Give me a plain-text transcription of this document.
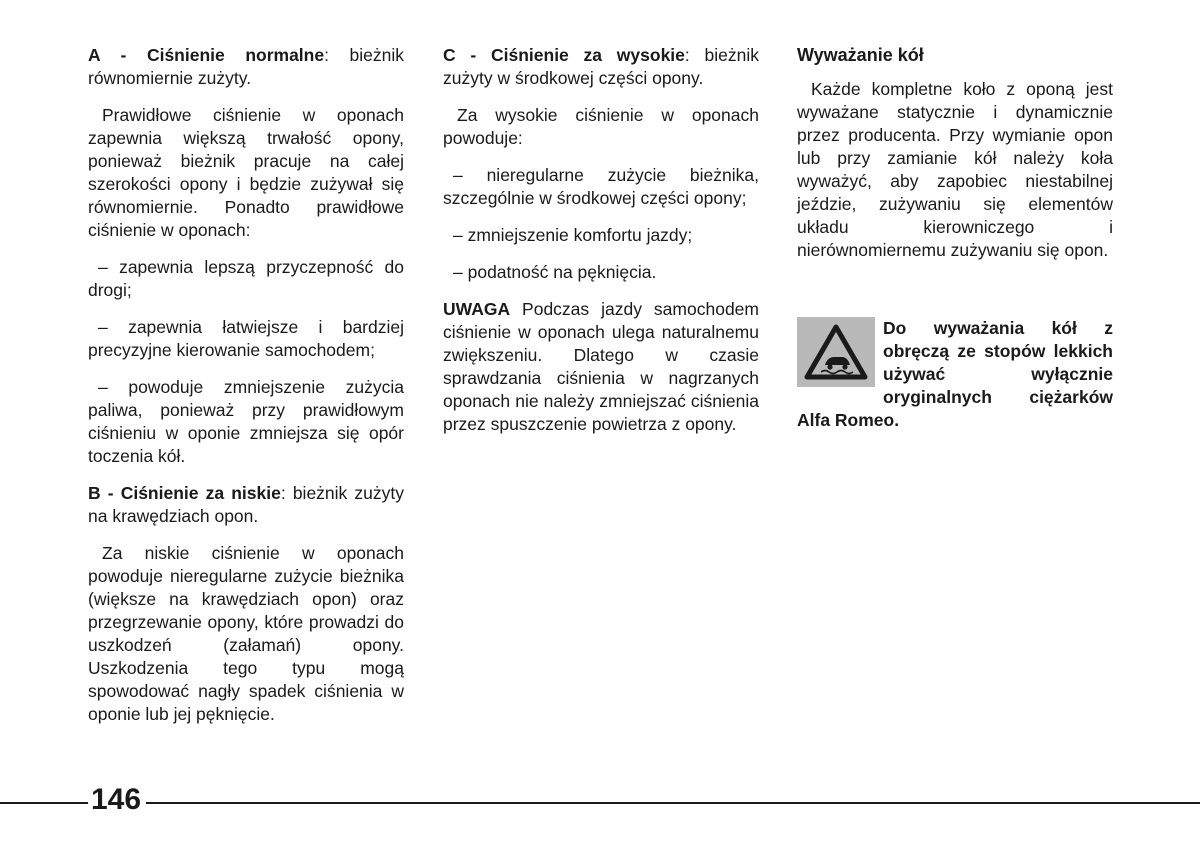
A - Ciśnienie normalne: bieżnik równomiernie zużyty.

Prawidłowe ciśnienie w oponach zapewnia większą trwałość opony, ponieważ bieżnik pracuje na całej szerokości opony i będzie zużywał się równomiernie. Ponadto prawidłowe ciśnienie w oponach:

– zapewnia lepszą przyczepność do drogi;

– zapewnia łatwiejsze i bardziej precyzyjne kierowanie samochodem;

– powoduje zmniejszenie zużycia paliwa, ponieważ przy prawidłowym ciśnieniu w oponie zmniejsza się opór toczenia kół.

B - Ciśnienie za niskie: bieżnik zużyty na krawędziach opon.

Za niskie ciśnienie w oponach powoduje nieregularne zużycie bieżnika (większe na krawędziach opon) oraz przegrzewanie opony, które prowadzi do uszkodzeń (załamań) opony. Uszkodzenia tego typu mogą spowodować nagły spadek ciśnienia w oponie lub jej pęknięcie.

C - Ciśnienie za wysokie: bieżnik zużyty w środkowej części opony.

Za wysokie ciśnienie w oponach powoduje:

– nieregularne zużycie bieżnika, szczególnie w środkowej części opony;

– zmniejszenie komfortu jazdy;

– podatność na pęknięcia.

UWAGA Podczas jazdy samochodem ciśnienie w oponach ulega naturalnemu zwiększeniu. Dlatego w czasie sprawdzania ciśnienia w nagrzanych oponach nie należy zmniejszać ciśnienia przez spuszczenie powietrza z opony.

Wyważanie kół

Każde kompletne koło z oponą jest wyważane statycznie i dynamicznie przez producenta. Przy wymianie opon lub przy zamianie kół należy koła wyważyć, aby zapobiec niestabilnej jeździe, zużywaniu się elementów układu kierowniczego i nierównomiernemu zużywaniu się opon.

Do wyważania kół z obręczą ze stopów lekkich używać wyłącznie oryginalnych ciężarków Alfa Romeo.
146
